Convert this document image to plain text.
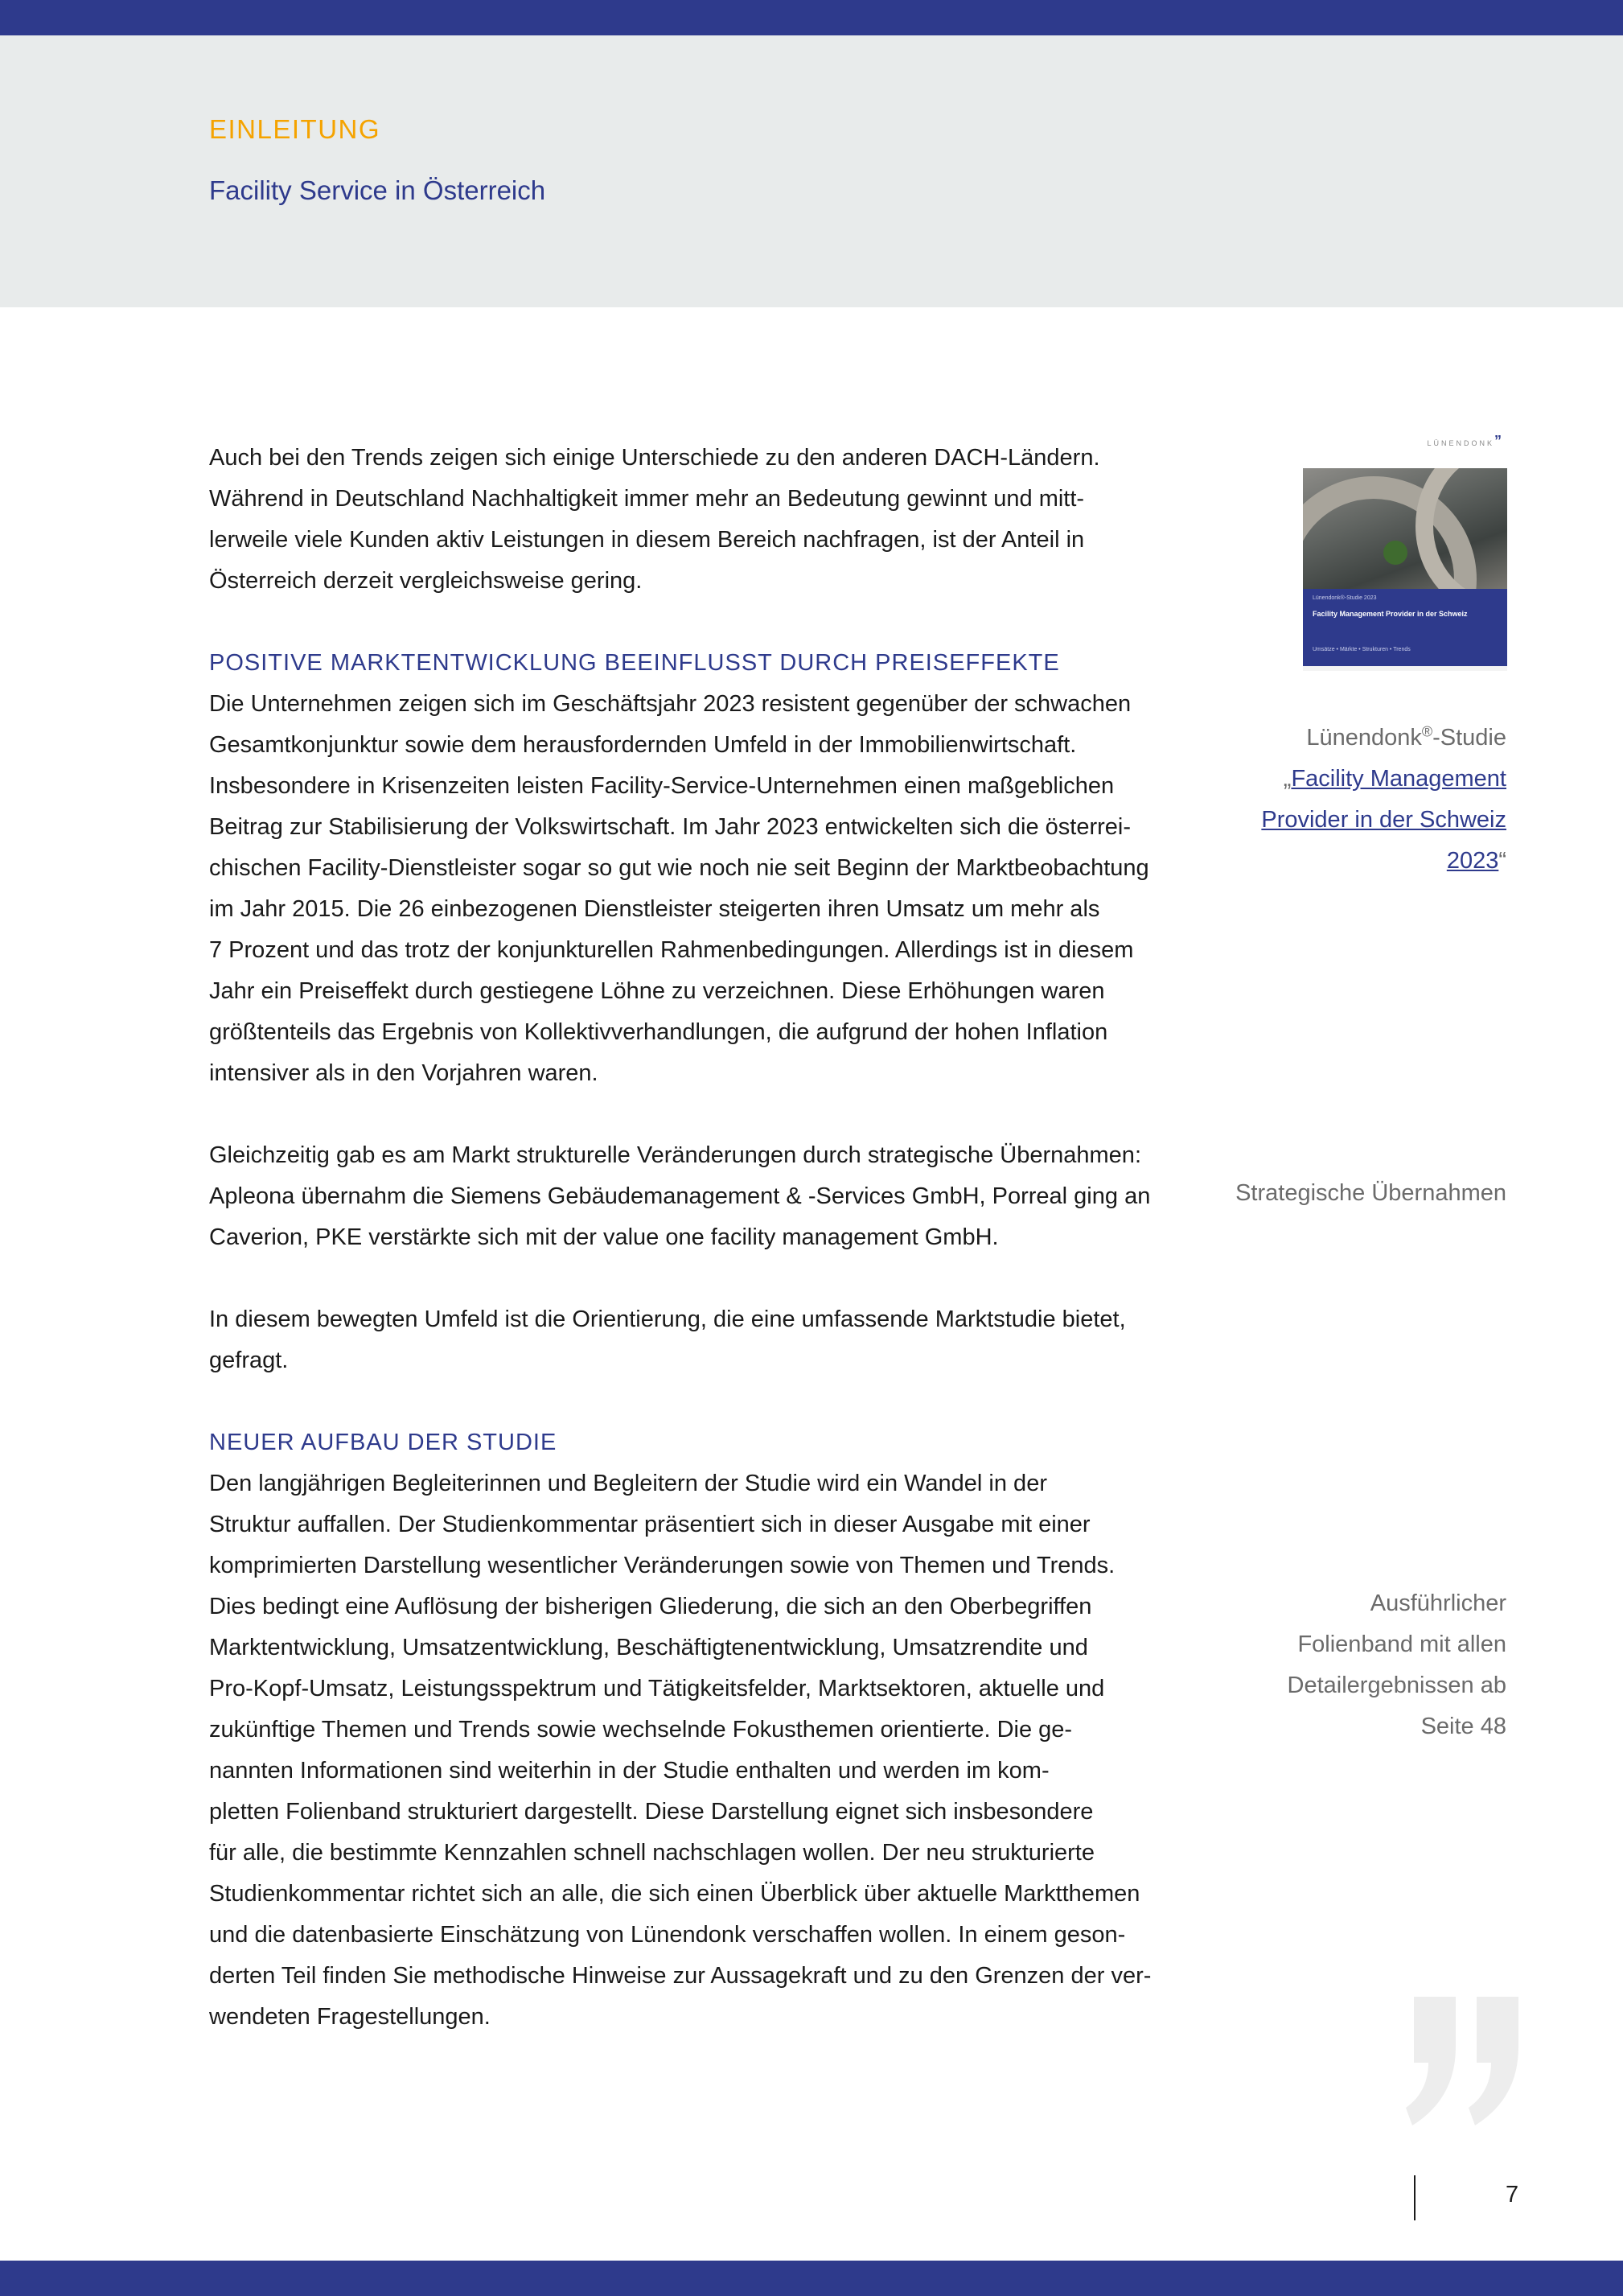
EINLEITUNG
Facility Service in Österreich

Auch bei den Trends zeigen sich einige Unterschiede zu den anderen DACH-Ländern.
Während in Deutschland Nachhaltigkeit immer mehr an Bedeutung gewinnt und mitt-
lerweile viele Kunden aktiv Leistungen in diesem Bereich nachfragen, ist der Anteil in
Österreich derzeit vergleichsweise gering.

POSITIVE MARKTENTWICKLUNG BEEINFLUSST DURCH PREISEFFEKTE

Die Unternehmen zeigen sich im Geschäftsjahr 2023 resistent gegenüber der schwachen
Gesamtkonjunktur sowie dem herausfordernden Umfeld in der Immobilienwirtschaft.
Insbesondere in Krisenzeiten leisten Facility-Service-Unternehmen einen maßgeblichen
Beitrag zur Stabilisierung der Volkswirtschaft. Im Jahr 2023 entwickelten sich die österrei-
chischen Facility-Dienstleister sogar so gut wie noch nie seit Beginn der Marktbeobachtung
im Jahr 2015. Die 26 einbezogenen Dienstleister steigerten ihren Umsatz um mehr als
7 Prozent und das trotz der konjunkturellen Rahmenbedingungen. Allerdings ist in diesem
Jahr ein Preiseffekt durch gestiegene Löhne zu verzeichnen. Diese Erhöhungen waren
größtenteils das Ergebnis von Kollektivverhandlungen, die aufgrund der hohen Inflation
intensiver als in den Vorjahren waren.

Gleichzeitig gab es am Markt strukturelle Veränderungen durch strategische Übernahmen:
Apleona übernahm die Siemens Gebäudemanagement & -Services GmbH, Porreal ging an
Caverion, PKE verstärkte sich mit der value one facility management GmbH.

In diesem bewegten Umfeld ist die Orientierung, die eine umfassende Marktstudie bietet,
gefragt.

NEUER AUFBAU DER STUDIE

Den langjährigen Begleiterinnen und Begleitern der Studie wird ein Wandel in der
Struktur auffallen. Der Studienkommentar präsentiert sich in dieser Ausgabe mit einer
komprimierten Darstellung wesentlicher Veränderungen sowie von Themen und Trends.
Dies bedingt eine Auflösung der bisherigen Gliederung, die sich an den Oberbegriffen
Marktentwicklung, Umsatzentwicklung, Beschäftigtenentwicklung, Umsatzrendite und
Pro-Kopf-Umsatz, Leistungsspektrum und Tätigkeitsfelder, Marktsektoren, aktuelle und
zukünftige Themen und Trends sowie wechselnde Fokusthemen orientierte. Die ge-
nannten Informationen sind weiterhin in der Studie enthalten und werden im kom-
pletten Folienband strukturiert dargestellt. Diese Darstellung eignet sich insbesondere
für alle, die bestimmte Kennzahlen schnell nachschlagen wollen. Der neu strukturierte
Studienkommentar richtet sich an alle, die sich einen Überblick über aktuelle Marktthemen
und die datenbasierte Einschätzung von Lünendonk verschaffen wollen. In einem geson-
derten Teil finden Sie methodische Hinweise zur Aussagekraft und zu den Grenzen der ver-
wendeten Fragestellungen.

LÜNENDONK”
Lünendonk®-Studie 2023
Facility Management Provider in der Schweiz
Umsätze • Märkte • Strukturen • Trends
Lünendonk®-Studie
„Facility Management
Provider in der Schweiz
2023“
Strategische Übernahmen
Ausführlicher
Folienband mit allen
Detailergebnissen ab
Seite 48
7
